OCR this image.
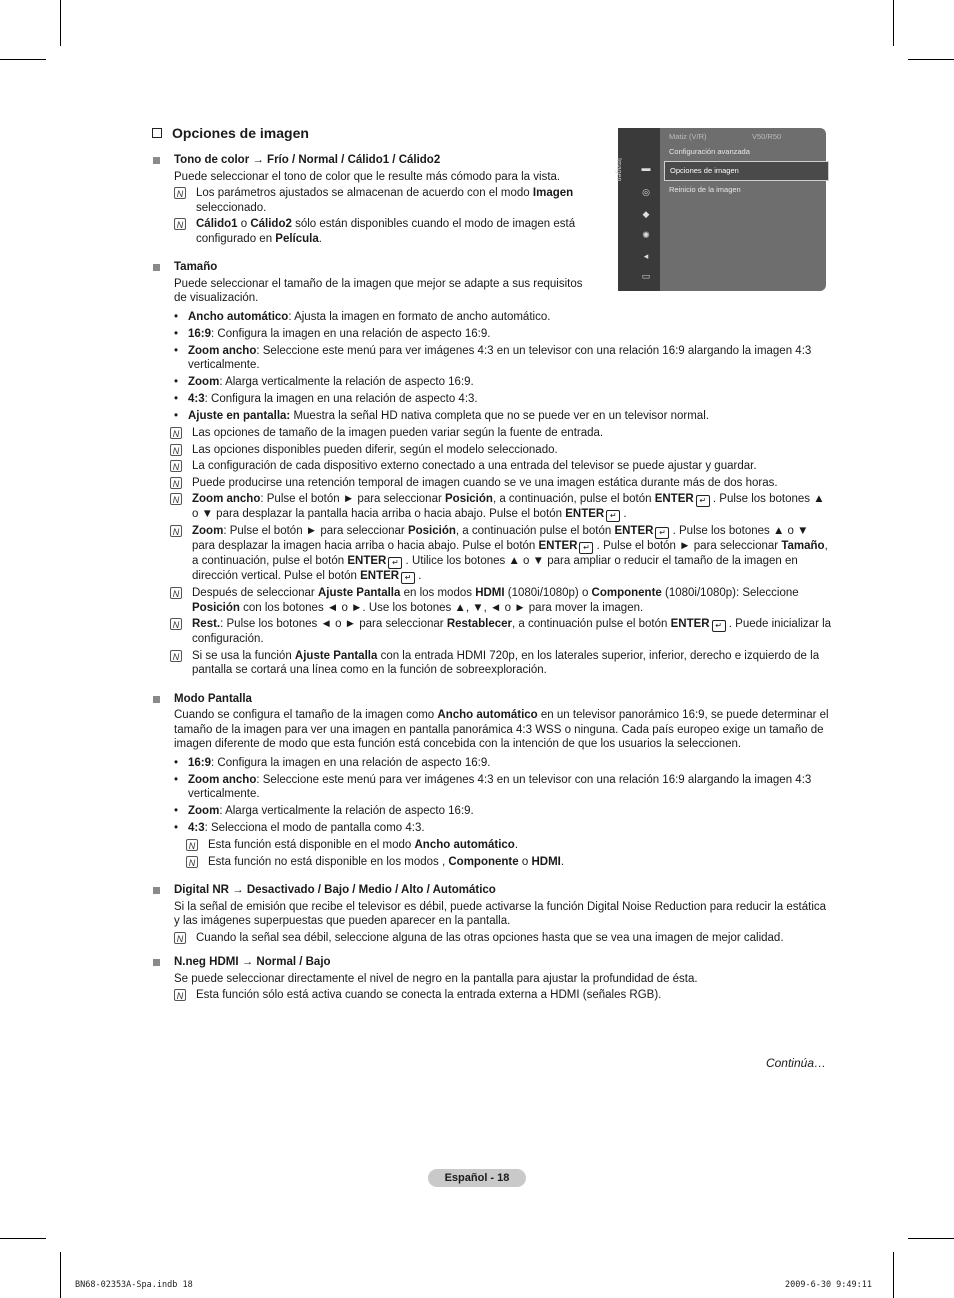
Opciones de imagen
Imagen ▬
◎
◆
✺
◂
▭
Matiz (V/R)	V50/R50
Configuración avanzada
Opciones de imagen
Reinicio de la imagen
Tono de color → Frío / Normal / Cálido1 / Cálido2
Puede seleccionar el tono de color que le resulte más cómodo para la vista.
N Los parámetros ajustados se almacenan de acuerdo con el modo Imagen seleccionado.
N Cálido1 o Cálido2 sólo están disponibles cuando el modo de imagen está configurado en Película.
Tamaño
Puede seleccionar el tamaño de la imagen que mejor se adapte a sus requisitos de visualización.
• Ancho automático: Ajusta la imagen en formato de ancho automático.
• 16:9: Configura la imagen en una relación de aspecto 16:9.
• Zoom ancho: Seleccione este menú para ver imágenes 4:3 en un televisor con una relación 16:9 alargando la imagen 4:3 verticalmente.
• Zoom: Alarga verticalmente la relación de aspecto 16:9.
• 4:3: Configura la imagen en una relación de aspecto 4:3.
• Ajuste en pantalla: Muestra la señal HD nativa completa que no se puede ver en un televisor normal.
N Las opciones de tamaño de la imagen pueden variar según la fuente de entrada.
N Las opciones disponibles pueden diferir, según el modelo seleccionado.
N La configuración de cada dispositivo externo conectado a una entrada del televisor se puede ajustar y guardar.
N Puede producirse una retención temporal de imagen cuando se ve una imagen estática durante más de dos horas.
N Zoom ancho: Pulse el botón ► para seleccionar Posición, a continuación, pulse el botón ENTER ↵ . Pulse los botones ▲ o ▼ para desplazar la pantalla hacia arriba o hacia abajo. Pulse el botón ENTER ↵ .
N Zoom: Pulse el botón ► para seleccionar Posición, a continuación pulse el botón ENTER ↵ . Pulse los botones ▲ o ▼ para desplazar la imagen hacia arriba o hacia abajo. Pulse el botón ENTER ↵ . Pulse el botón ► para seleccionar Tamaño, a continuación, pulse el botón ENTER ↵ . Utilice los botones ▲ o ▼ para ampliar o reducir el tamaño de la imagen en dirección vertical. Pulse el botón ENTER ↵ .
N Después de seleccionar Ajuste Pantalla en los modos HDMI (1080i/1080p) o Componente (1080i/1080p): Seleccione Posición con los botones ◄ o ►. Use los botones ▲, ▼, ◄ o ► para mover la imagen.
N Rest.: Pulse los botones ◄ o ► para seleccionar Restablecer, a continuación pulse el botón ENTER ↵ . Puede inicializar la configuración.
N Si se usa la función Ajuste Pantalla con la entrada HDMI 720p, en los laterales superior, inferior, derecho e izquierdo de la pantalla se cortará una línea como en la función de sobreexploración.
Modo Pantalla
Cuando se configura el tamaño de la imagen como Ancho automático en un televisor panorámico 16:9, se puede determinar el tamaño de la imagen para ver una imagen en pantalla panorámica 4:3 WSS o ninguna. Cada país europeo exige un tamaño de imagen diferente de modo que esta función está concebida con la intención de que los usuarios la seleccionen.
• 16:9: Configura la imagen en una relación de aspecto 16:9.
• Zoom ancho: Seleccione este menú para ver imágenes 4:3 en un televisor con una relación 16:9 alargando la imagen 4:3 verticalmente.
• Zoom: Alarga verticalmente la relación de aspecto 16:9.
• 4:3: Selecciona el modo de pantalla como 4:3.
N Esta función está disponible en el modo Ancho automático.
N Esta función no está disponible en los modos , Componente o HDMI.
Digital NR → Desactivado / Bajo / Medio / Alto / Automático
Si la señal de emisión que recibe el televisor es débil, puede activarse la función Digital Noise Reduction para reducir la estática y las imágenes superpuestas que pueden aparecer en la pantalla.
N Cuando la señal sea débil, seleccione alguna de las otras opciones hasta que se vea una imagen de mejor calidad.
N.neg HDMI → Normal / Bajo
Se puede seleccionar directamente el nivel de negro en la pantalla para ajustar la profundidad de ésta.
N Esta función sólo está activa cuando se conecta la entrada externa a HDMI (señales RGB).
Continúa…
Español - 18
BN68-02353A-Spa.indb 18	2009-6-30 9:49:11
